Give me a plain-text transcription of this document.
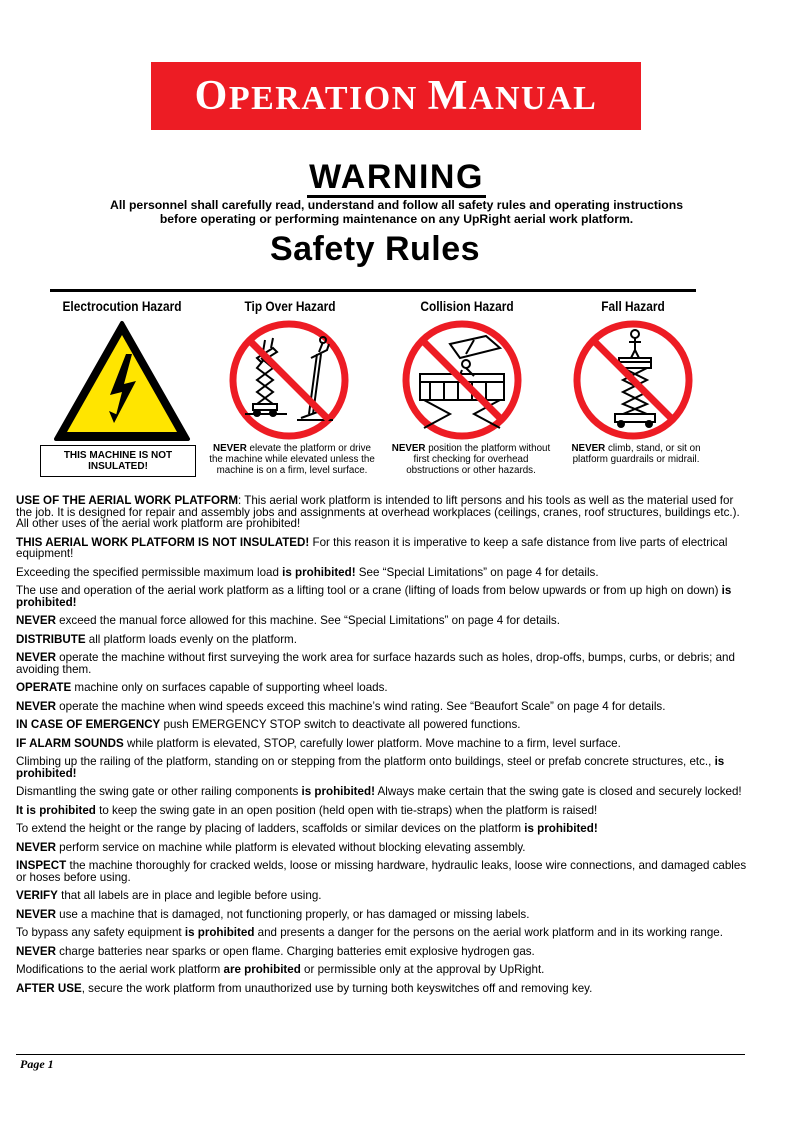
OPERATION MANUAL
WARNING
All personnel shall carefully read, understand and follow all safety rules and operating instructions
before operating or performing maintenance on any UpRight aerial work platform.
Safety Rules
Electrocution Hazard	Tip Over Hazard	Collision Hazard	Fall Hazard
THIS MACHINE IS NOT INSULATED!
NEVER elevate the platform or drive the machine while elevated unless the machine is on a firm, level surface.
NEVER position the platform without first checking for overhead obstructions or other hazards.
NEVER climb, stand, or sit on platform guardrails or midrail.

USE OF THE AERIAL WORK PLATFORM: This aerial work platform is intended to lift persons and his tools as well as the material used for the job. It is designed for repair and assembly jobs and assignments at overhead workplaces (ceilings, cranes, roof structures, buildings etc.). All other uses of the aerial work platform are prohibited!

THIS AERIAL WORK PLATFORM IS NOT INSULATED! For this reason it is imperative to keep a safe distance from live parts of electrical equipment!

Exceeding the specified permissible maximum load is prohibited! See “Special Limitations” on page 4 for details.

The use and operation of the aerial work platform as a lifting tool or a crane (lifting of loads from below upwards or from up high on down) is prohibited!

NEVER exceed the manual force allowed for this machine. See “Special Limitations” on page 4 for details.

DISTRIBUTE all platform loads evenly on the platform.

NEVER operate the machine without first surveying the work area for surface hazards such as holes, drop-offs, bumps, curbs, or debris; and avoiding them.

OPERATE machine only on surfaces capable of supporting wheel loads.

NEVER operate the machine when wind speeds exceed this machine’s wind rating. See “Beaufort Scale” on page 4 for details.

IN CASE OF EMERGENCY push EMERGENCY STOP switch to deactivate all powered functions.

IF ALARM SOUNDS while platform is elevated, STOP, carefully lower platform. Move machine to a firm, level surface.

Climbing up the railing of the platform, standing on or stepping from the platform onto buildings, steel or prefab concrete structures, etc., is prohibited!

Dismantling the swing gate or other railing components is prohibited! Always make certain that the swing gate is closed and securely locked!

It is prohibited to keep the swing gate in an open position (held open with tie-straps) when the platform is raised!

To extend the height or the range by placing of ladders, scaffolds or similar devices on the platform is prohibited!

NEVER perform service on machine while platform is elevated without blocking elevating assembly.

INSPECT the machine thoroughly for cracked welds, loose or missing hardware, hydraulic leaks, loose wire connections, and damaged cables or hoses before using.

VERIFY that all labels are in place and legible before using.

NEVER use a machine that is damaged, not functioning properly, or has damaged or missing labels.

To bypass any safety equipment is prohibited and presents a danger for the persons on the aerial work platform and in its working range.

NEVER charge batteries near sparks or open flame. Charging batteries emit explosive hydrogen gas.

Modifications to the aerial work platform are prohibited or permissible only at the approval by UpRight.

AFTER USE, secure the work platform from unauthorized use by turning both keyswitches off and removing key.

Page 1
